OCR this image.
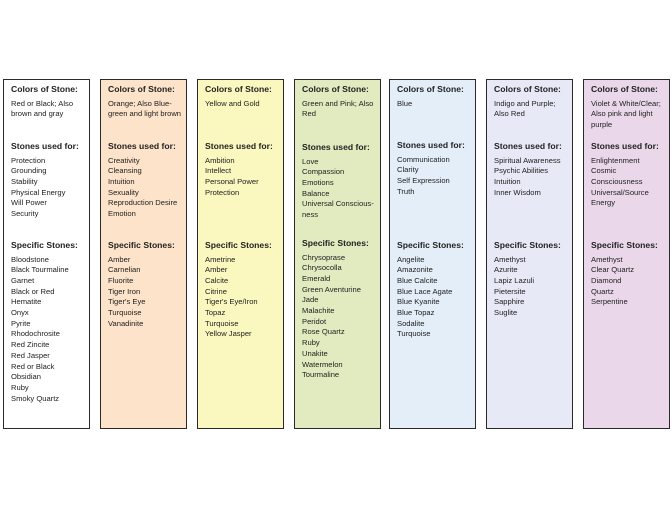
Colors of Stone:

Red or Black; Also brown and gray

Stones used for:
Protection
Grounding
Stability
Physical Energy
Will Power
Security
Specific Stones:
Bloodstone
Black Tourmaline
Garnet
Black or Red
Hematite
Onyx
Pyrite
Rhodochrosite
Red Zincite
Red Jasper
Red or Black
Obsidian
Ruby
Smoky Quartz
Colors of Stone:

Orange; Also Blue-green and light brown

Stones used for:
Creativity
Cleansing
Intuition
Sexuality
Reproduction Desire
Emotion
Specific Stones:
Amber
Carnelian
Fluorite
Tiger Iron
Tiger's Eye
Turquoise
Vanadinite
Colors of Stone:

Yellow and Gold

Stones used for:
Ambition
Intellect
Personal Power
Protection
Specific Stones:
Ametrine
Amber
Calcite
Citrine
Tiger's Eye/Iron
Topaz
Turquoise
Yellow Jasper
Colors of Stone:

Green and Pink; Also Red

Stones used for:
Love
Compassion
Emotions
Balance
Universal Conscious-
ness
Specific Stones:
Chrysoprase
Chrysocolla
Emerald
Green Aventurine
Jade
Malachite
Peridot
Rose Quartz
Ruby
Unakite
Watermelon
Tourmaline
Colors of Stone:

Blue

Stones used for:
Communication
Clarity
Self Expression
Truth
Specific Stones:
Angelite
Amazonite
Blue Calcite
Blue Lace Agate
Blue Kyanite
Blue Topaz
Sodalite
Turquoise
Colors of Stone:

Indigo and Purple; Also Red

Stones used for:
Spiritual Awareness
Psychic Abilities
Intuition
Inner Wisdom
Specific Stones:
Amethyst
Azurite
Lapiz Lazuli
Pietersite
Sapphire
Suglite
Colors of Stone:

Violet & White/Clear; Also pink and light purple

Stones used for:
Enlightenment
Cosmic
Consciousness
Universal/Source
Energy
Specific Stones:
Amethyst
Clear Quartz
Diamond
Quartz
Serpentine
